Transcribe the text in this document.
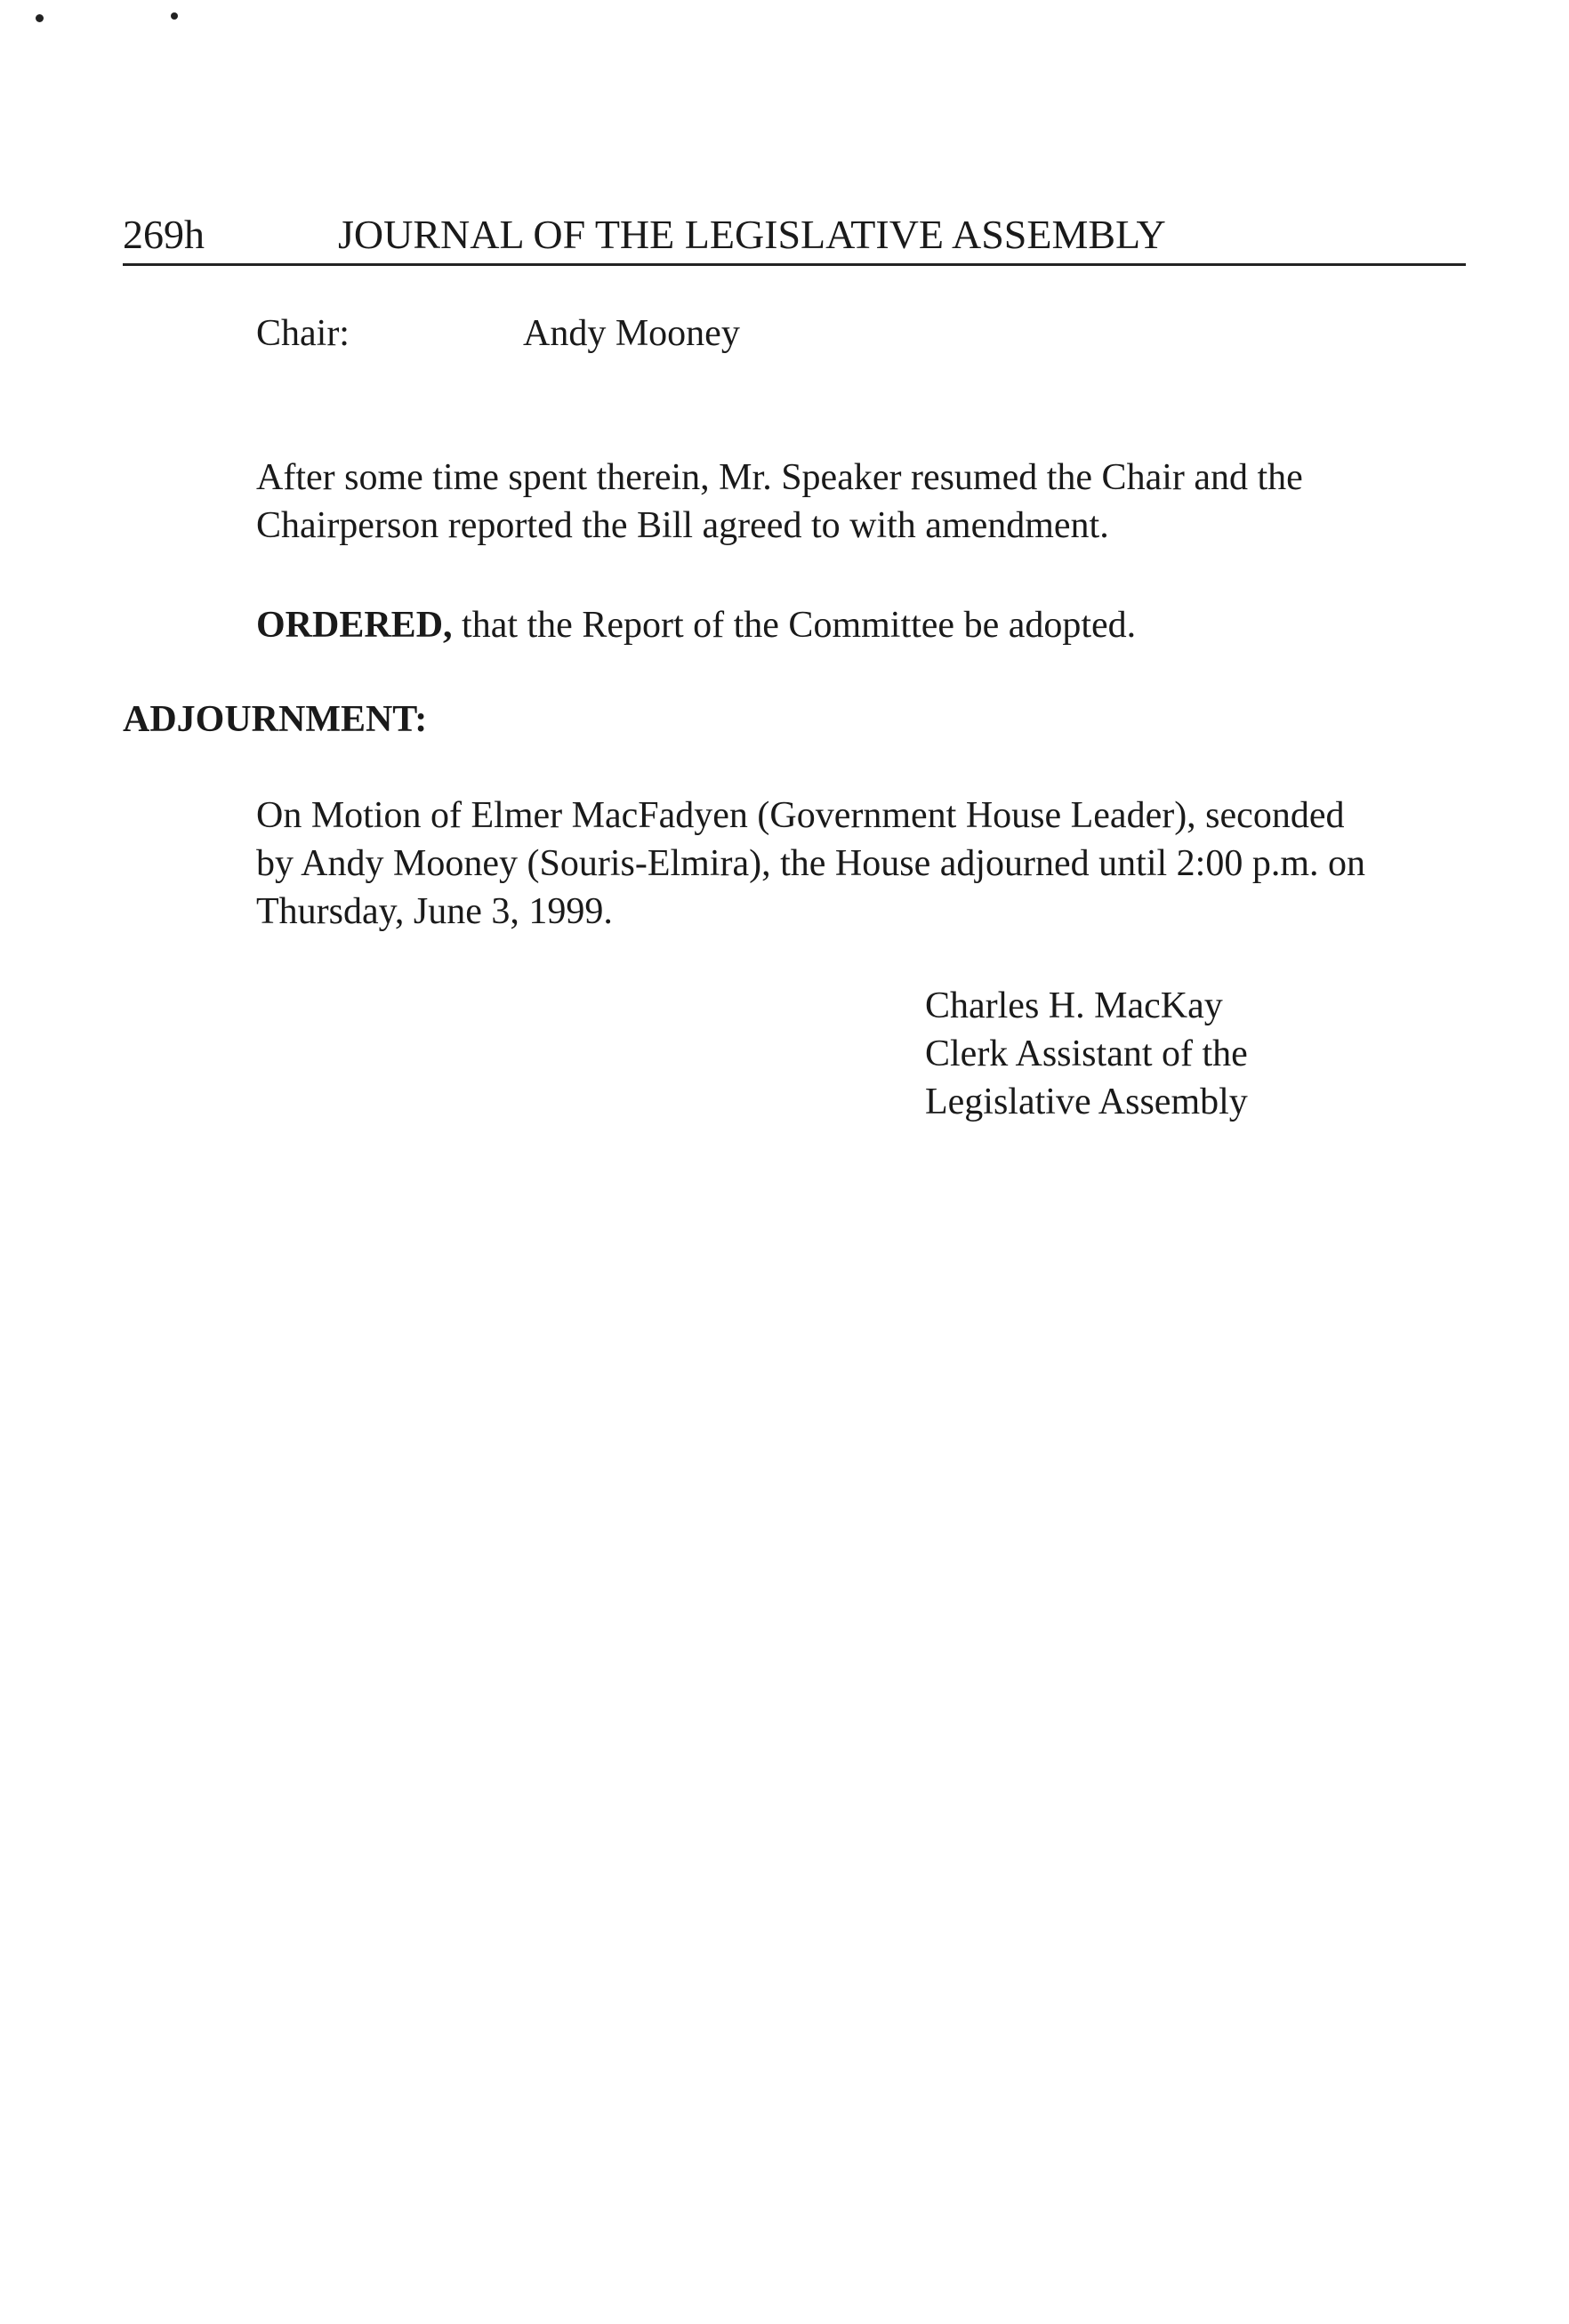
269h	JOURNAL OF THE LEGISLATIVE ASSEMBLY
Chair:	Andy Mooney
After some time spent therein, Mr. Speaker resumed the Chair and the
Chairperson reported the Bill agreed to with amendment.
ORDERED, that the Report of the Committee be adopted.
ADJOURNMENT:
On Motion of Elmer MacFadyen (Government House Leader), seconded
by Andy Mooney (Souris-Elmira), the House adjourned until 2:00 p.m. on
Thursday, June 3, 1999.
Charles H. MacKay
Clerk Assistant of the
Legislative Assembly
